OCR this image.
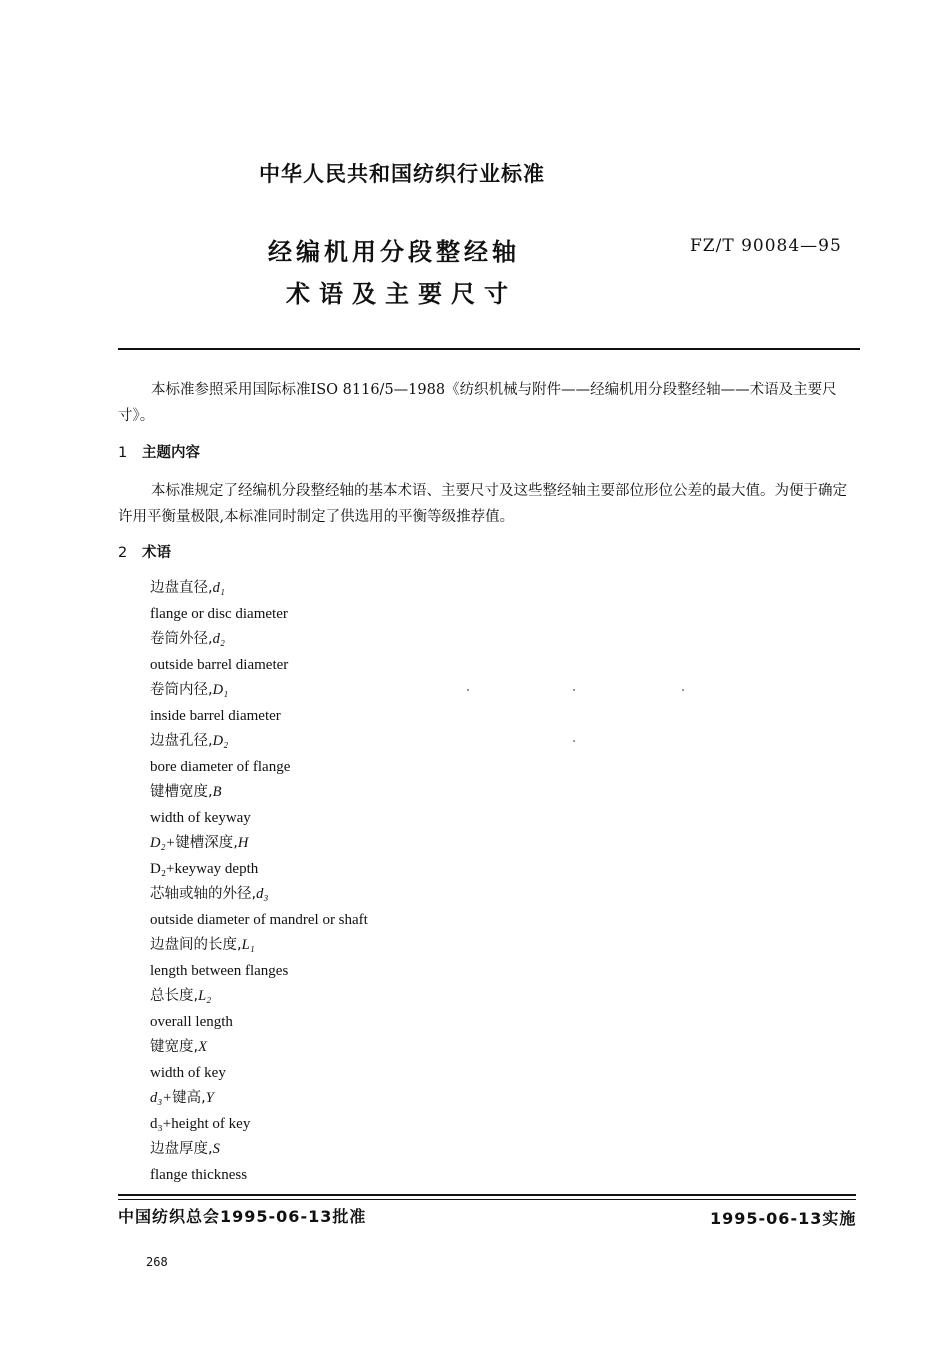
中华人民共和国纺织行业标准
经编机用分段整经轴
术语及主要尺寸
FZ/T 90084—95
本标准参照采用国际标准ISO 8116/5—1988《纺织机械与附件——经编机用分段整经轴——术语及主要尺寸》。
1 主题内容
本标准规定了经编机分段整经轴的基本术语、主要尺寸及这些整经轴主要部位形位公差的最大值。为便于确定许用平衡量极限,本标准同时制定了供选用的平衡等级推荐值。
2 术语
边盘直径,d₁
flange or disc diameter
卷筒外径,d₂
outside barrel diameter
卷筒内径,D₁
inside barrel diameter
边盘孔径,D₂
bore diameter of flange
键槽宽度,B
width of keyway
D₂+键槽深度,H
D₂+keyway depth
芯轴或轴的外径,d₃
outside diameter of mandrel or shaft
边盘间的长度,L₁
length between flanges
总长度,L₂
overall length
键宽度,X
width of key
d₃+键高,Y
d₃+height of key
边盘厚度,S
flange thickness
中国纺织总会1995-06-13批准	1995-06-13实施
268
